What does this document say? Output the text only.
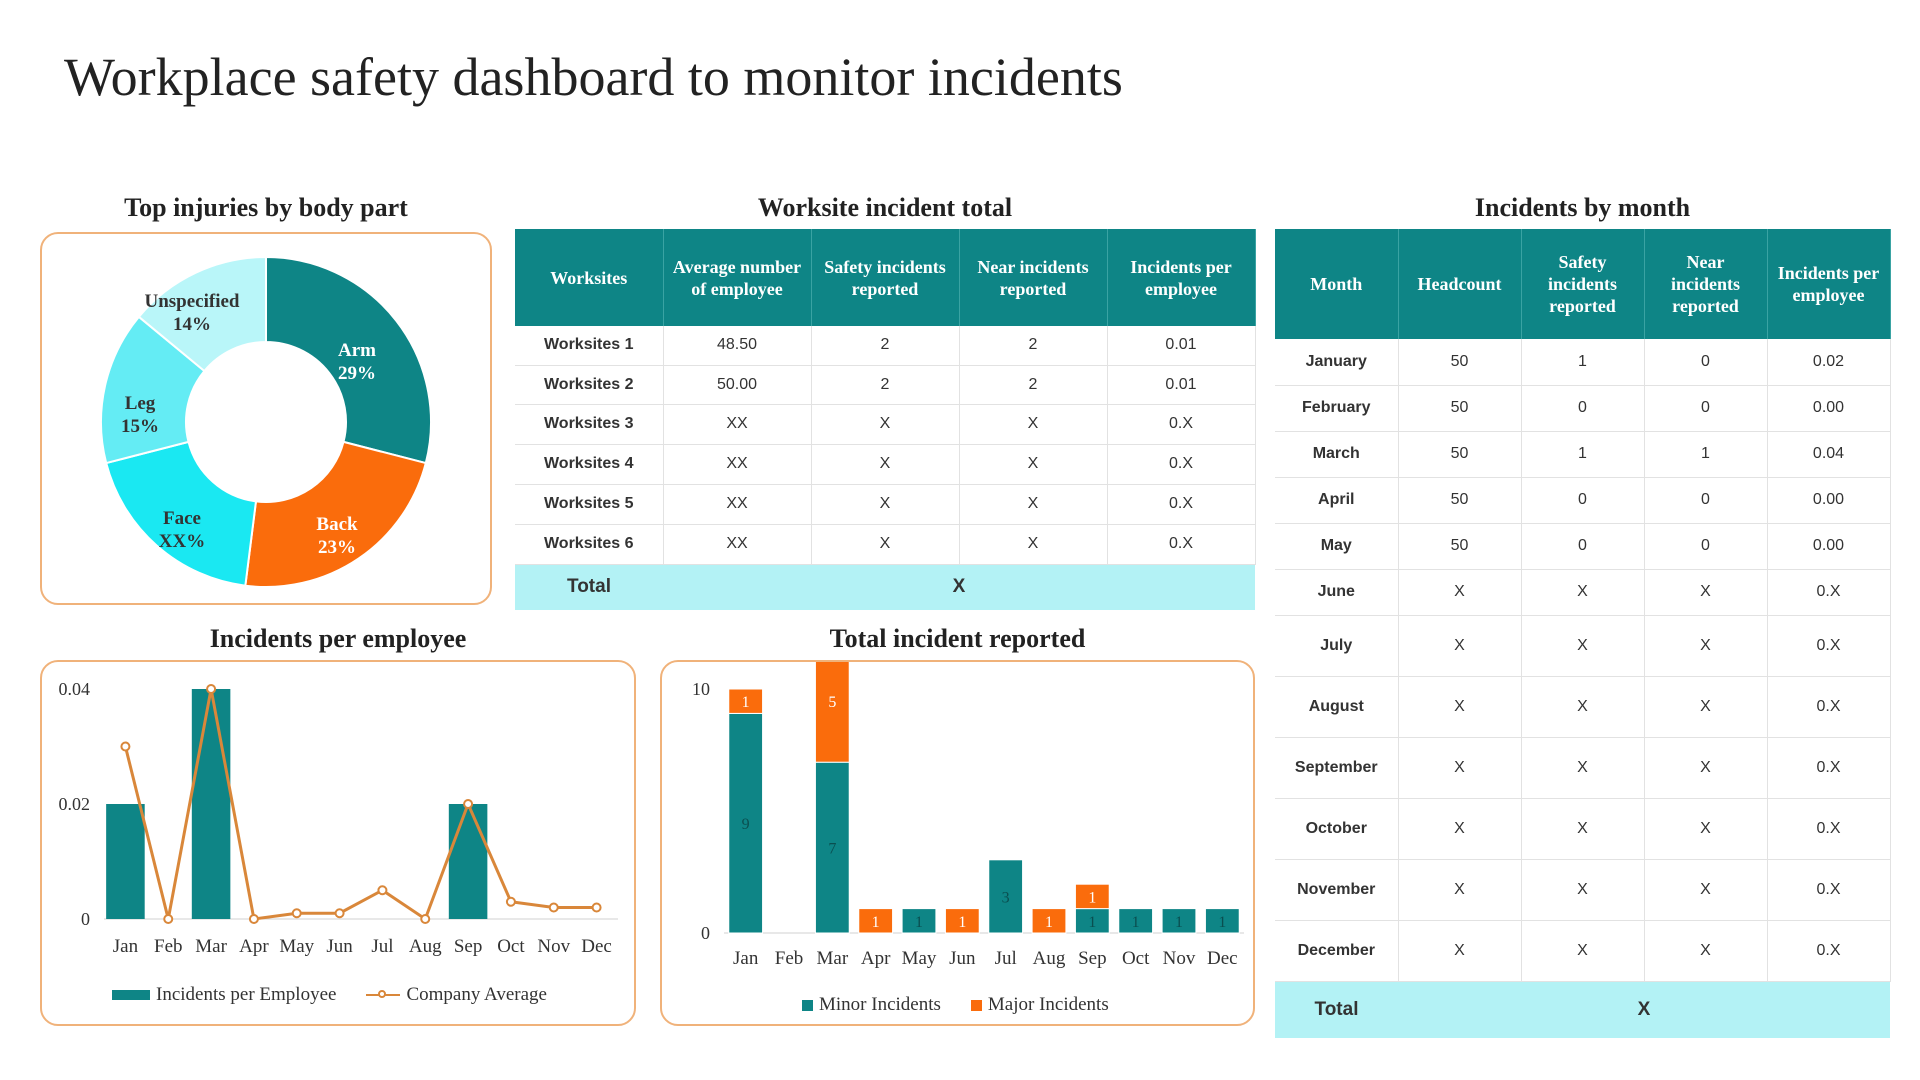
Workplace safety dashboard to monitor incidents
Top injuries by body part	Worksite incident total	Incidents by month
Incidents per employee	Total incident reported
Arm
29%
Back
23%
Face
XX%
Leg
15%
Unspecified
14%
0
0.02
0.04
Jan Feb Mar Apr May Jun Jul Aug Sep Oct Nov Dec
Incidents per Employee	Company Average
0
10
9
1
Jan Feb
7
5
Mar
1
Apr
1
May
1
Jun
3
Jul
1
Aug
1
1
Sep
1
Oct
1
Nov
1
Dec
Minor Incidents Major Incidents
Worksites	Average number of employee	Safety incidents reported	Near incidents reported	Incidents per employee
Worksites 1	48.50	2	2	0.01
Worksites 2	50.00	2	2	0.01
Worksites 3	XX	X	X	0.X
Worksites 4	XX	X	X	0.X
Worksites 5	XX	X	X	0.X
Worksites 6	XX	X	X	0.X
Total	X			
Month	Headcount	Safety incidents reported	Near incidents reported	Incidents per employee
January	50	1	0	0.02
February	50	0	0	0.00
March	50	1	1	0.04
April	50	0	0	0.00
May	50	0	0	0.00
June	X	X	X	0.X
July	X	X	X	0.X
August	X	X	X	0.X
September	X	X	X	0.X
October	X	X	X	0.X
November	X	X	X	0.X
December	X	X	X	0.X
Total	X			
